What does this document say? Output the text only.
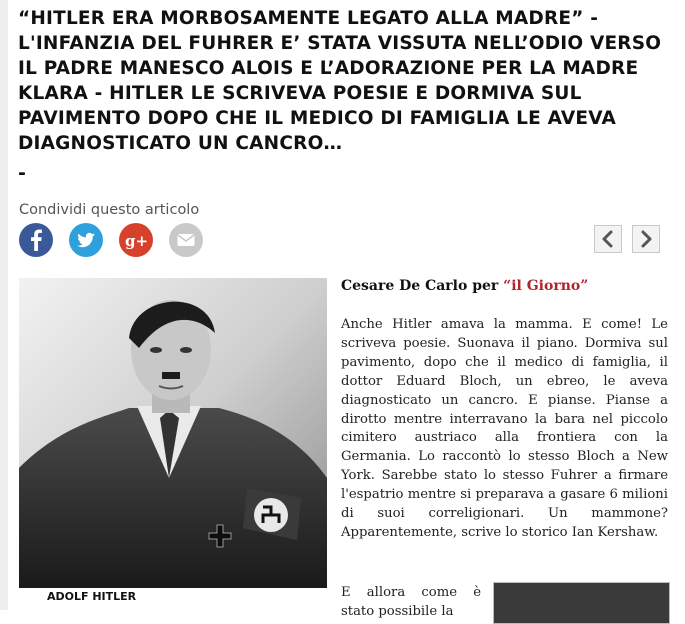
“HITLER ERA MORBOSAMENTE LEGATO ALLA MADRE” - L'INFANZIA DEL FUHRER E’ STATA VISSUTA NELL’ODIO VERSO IL PADRE MANESCO ALOIS E L’ADORAZIONE PER LA MADRE KLARA - HITLER LE SCRIVEVA POESIE E DORMIVA SUL PAVIMENTO DOPO CHE IL MEDICO DI FAMIGLIA LE AVEVA DIAGNOSTICATO UN CANCRO…
-
Condividi questo articolo
g+
ADOLF HITLER
Cesare De Carlo per “il Giorno”

Anche Hitler amava la mamma. E come! Le scriveva poesie. Suonava il piano. Dormiva sul pavimento, dopo che il medico di famiglia, il dottor Eduard Bloch, un ebreo, le aveva diagnosticato un cancro. E pianse. Pianse a dirotto mentre interravano la bara nel piccolo cimitero austriaco alla frontiera con la Germania. Lo raccontò lo stesso Bloch a New York. Sarebbe stato lo stesso Fuhrer a firmare l'espatrio mentre si preparava a gasare 6 milioni di suoi correligionari. Un mammone? Apparentemente, scrive lo storico Ian Kershaw.

E allora come è stato possibile la
